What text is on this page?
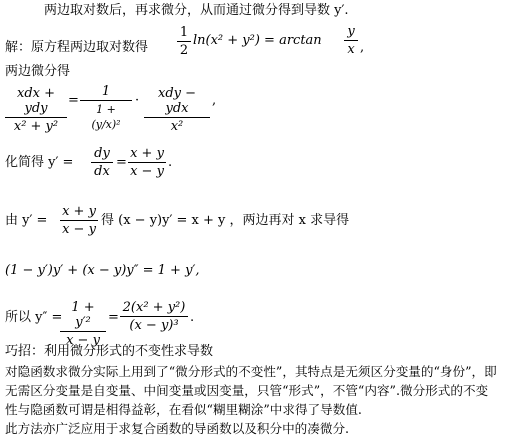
两边取对数后，再求微分，从而通过微分得到导数 y′.
解：原方程两边取对数得 $\frac{1}{2} \ln(x^2 + y^2) = \arctan \frac{y}{x}$ ,
两边微分得
xdx + ydy
x² + y²
=
1
1 + (y/x)²
·	xdy − ydx
x²
,
化简得 $y' = \frac{dy}{dx} = \frac{x + y}{x - y}$ .
由 $y' = \frac{x + y}{x - y}$ 得 (x − y)y′ = x + y ，两边再对 x 求导得
(1 − y′)y′ + (x − y)y″ = 1 + y′,
所以 y″ =
$\frac{\text{1 + y′²}}{x - y} = \frac{\text{2(x² + y²)}}{\text{(x − y)³}}$ .
巧招：利用微分形式的不变性求导数
对隐函数求微分实际上用到了“微分形式的不变性”，其特点是无须区分变量的“身份”，即
无需区分变量是自变量、中间变量或因变量，只管“形式”，不管“内容”.微分形式的不变
性与隐函数可谓是相得益彰，在看似“糊里糊涂”中求得了导数值.
此方法亦广泛应用于求复合函数的导函数以及积分中的凑微分.
